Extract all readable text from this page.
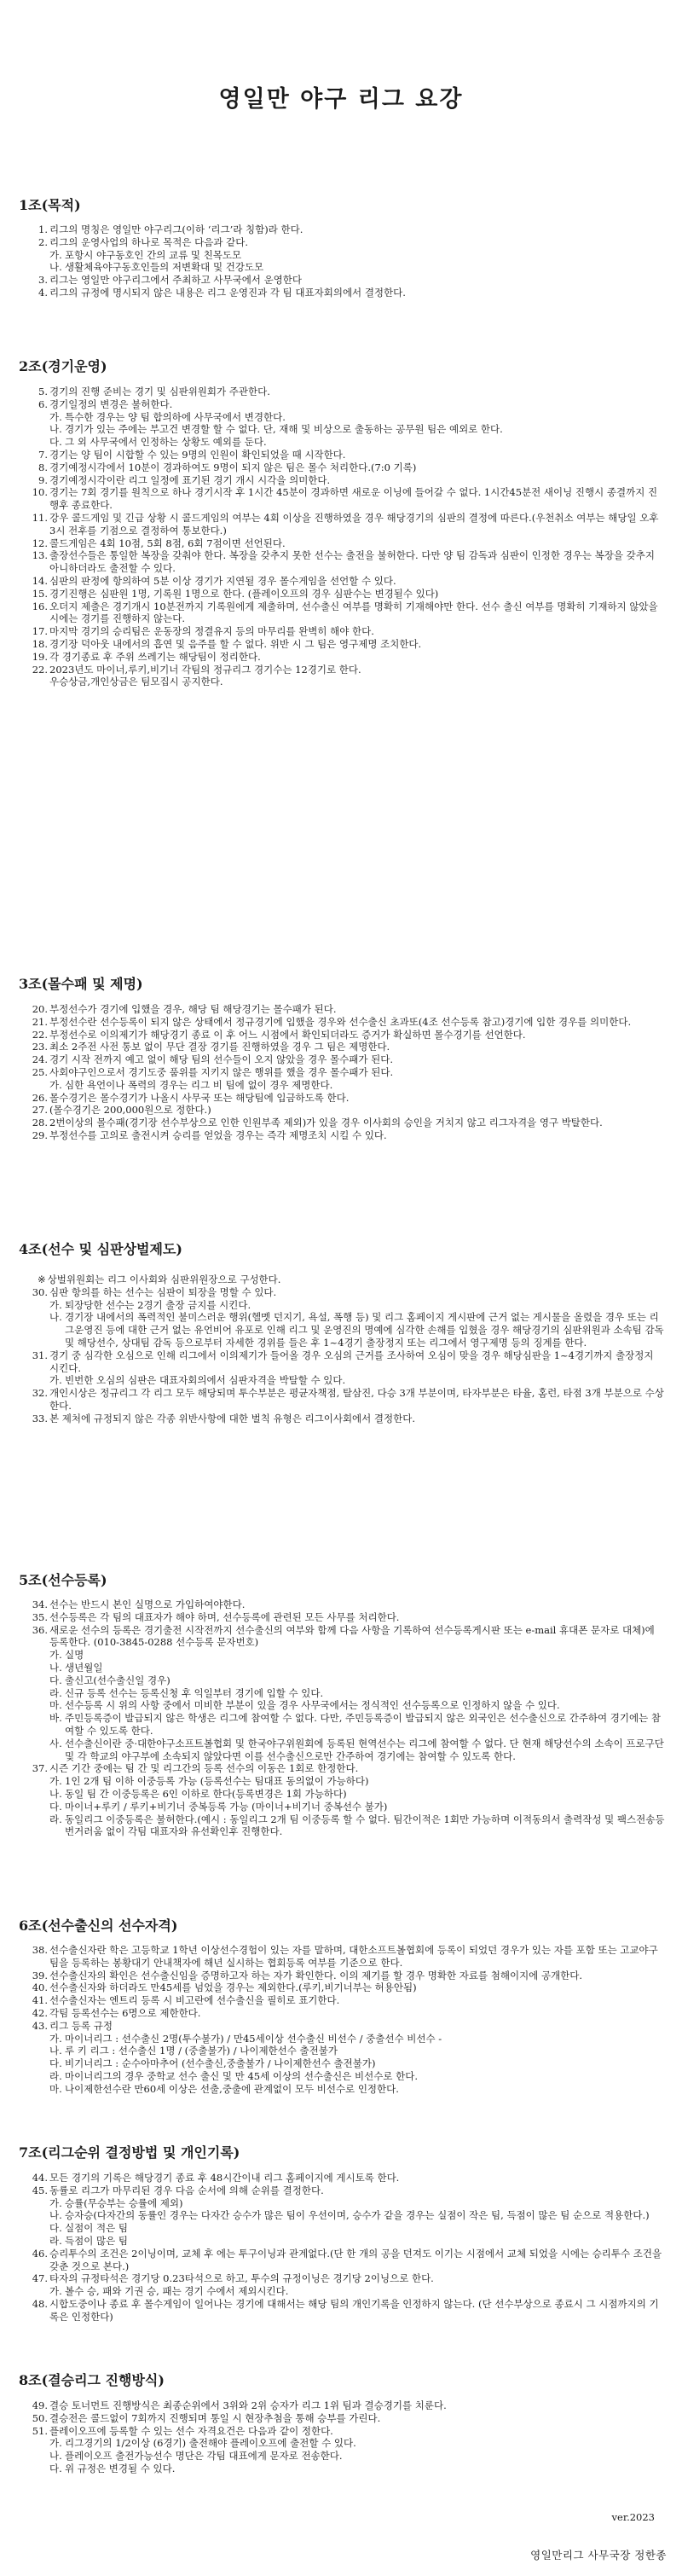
영일만 야구 리그 요강
1조(목적)
1 . 리그의 명칭은 영일만 야구리그(이하 ‘리그’라 칭함)라 한다.
2 . 리그의 운영사업의 하나로 목적은 다음과 같다.
가 . 포항시 야구동호인 간의 교류 및 친목도모
나 . 생활체육야구동호인들의 저변확대 및 건강도모
3 . 리그는 영일만 야구리그에서 주최하고 사무국에서 운영한다
4 . 리그의 규정에 명시되지 않은 내용은 리그 운영진과 각 팀 대표자회의에서 결정한다.
2조(경기운영)
5 . 경기의 진행 준비는 경기 및 심판위원회가 주관한다.
6 . 경기일정의 변경은 불허한다.
가 . 특수한 경우는 양 팀 합의하에 사무국에서 변경한다.
나 . 경기가 있는 주에는 부고건 변경할 할 수 없다. 단, 재해 및 비상으로 출동하는 공무원 팀은 예외로 한다.
다 . 그 외 사무국에서 인정하는 상황도 예외를 둔다.
7 . 경기는 양 팀이 시합할 수 있는 9명의 인원이 확인되었을 때 시작한다.
8 . 경기예정시각에서 10분이 경과하여도 9명이 되지 않은 팀은 몰수 처리한다.(7:0 기록)
9 . 경기예정시각이란 리그 일정에 표기된 경기 개시 시각을 의미한다.
10 . 경기는 7회 경기를 원칙으로 하나 경기시작 후 1시간 45분이 경과하면 새로운 이닝에 들어갈 수 없다. 1시간45분전 새이닝 진행시 종결까지 진행후 종료한다.
11 . 강우 콜드게임 및 긴급 상황 시 콜드게임의 여부는 4회 이상을 진행하였을 경우 해당경기의 심판의 결정에 따른다.(우천취소 여부는 해당일 오후 3시 전후를 기점으로 결정하여 통보한다.)
12 . 콜드게임은 4회 10점, 5회 8점, 6회 7점이면 선언된다.
13 . 출장선수들은 통일한 복장을 갖춰야 한다. 복장을 갖추지 못한 선수는 출전을 불허한다. 다만 양 팀 감독과 심판이 인정한 경우는 복장을 갖추지 아니하더라도 출전할 수 있다.
14 . 심판의 판정에 항의하여 5분 이상 경기가 지연될 경우 몰수게임을 선언할 수 있다.
15 . 경기진행은 심판원 1명, 기록원 1명으로 한다. (플레이오프의 경우 심판수는 변경될수 있다)
16 . 오더지 제출은 경기개시 10분전까지 기록원에게 제출하며, 선수출신 여부를 명확히 기재해야만 한다. 선수 출신 여부를 명확히 기재하지 않았을 시에는 경기를 진행하지 않는다.
17 . 마지막 경기의 승리팀은 운동장의 정결유지 등의 마무리를 완벽히 해야 한다.
18 . 경기장 덕아웃 내에서의 흡연 및 음주를 할 수 없다. 위반 시 그 팀은 영구제명 조치한다.
19 . 각 경기종료 후 주위 쓰레기는 해당팀이 정리한다.
22 . 2023년도 마이너,루키,비기너 각팀의 정규리그 경기수는 12경기로 한다.
우승상금,개인상금은 팀모집시 공지한다.
3조(몰수패 및 제명)
20 . 부정선수가 경기에 입했을 경우, 해당 팀 해당경기는 몰수패가 된다.
21 . 부정선수란 선수등록이 되지 않은 상태에서 정규경기에 입했을 경우와 선수출신 초과또(4조 선수등록 참고)경기에 입한 경우를 의미한다.
22 . 부정선수로 이의제기가 해당경기 종료 이 후 어느 시점에서 확인되더라도 증거가 확실하면 몰수경기를 선언한다.
23 . 최소 2주전 사전 통보 없이 무단 결장 경기를 진행하였을 경우 그 팀은 제명한다.
24 . 경기 시작 전까지 예고 없이 해당 팀의 선수들이 오지 않았을 경우 몰수패가 된다.
25 . 사회야구인으로서 경기도중 품위를 지키지 않은 행위를 했을 경우 몰수패가 된다.
가 . 심한 욕언이나 폭력의 경우는 리그 비 팀에 없이 경우 제명한다.
26 . 몰수경기은 몰수경기가 나올시 사무국 또는 해당팀에 입금하도록 한다.
27 . (몰수경기은 200,000원으로 정한다.)
28 . 2번이상의 몰수패(경기장 선수부상으로 인한 인원부족 제외)가 있을 경우 이사회의 승인을 거치지 않고 리그자격을 영구 박탈한다.
29 . 부정선수를 고의로 출전시켜 승리를 얻었을 경우는 즉각 제명조치 시킬 수 있다.
4조(선수 및 심판상벌제도)
※ 상벌위원회는 리그 이사회와 심판위원장으로 구성한다.
30 . 심판 항의를 하는 선수는 심판이 퇴장을 명할 수 있다.
가 . 퇴장당한 선수는 2경기 출장 금지를 시킨다.
나 . 경기장 내에서의 폭력적인 불미스러운 행위(헬멧 던지기, 욕설, 폭행 등) 및 리그 홈페이지 게시판에 근거 없는 게시물을 올렸을 경우 또는 리그운영진 등에 대한 근거 없는 유언비어 유포로 인해 리그 및 운영진의 명예에 심각한 손해를 입혔을 경우 해당경기의 심판위원과 소속팀 감독 및 해당선수, 상대팀 감독 등으로부터 자세한 경위를 들은 후 1~4경기 출장정지 또는 리그에서 영구제명 등의 징계를 한다.
31 . 경기 중 심각한 오심으로 인해 리그에서 이의제기가 들어올 경우 오심의 근거를 조사하여 오심이 맞을 경우 해당심판을 1~4경기까지 출장정지 시킨다.
가 . 빈번한 오심의 심판은 대표자회의에서 심판자격을 박탈할 수 있다.
32 . 개인시상은 정규리그 각 리그 모두 해당되며 투수부분은 평균자책점, 탈삼진, 다승 3개 부분이며, 타자부분은 타율, 홈런, 타점 3개 부분으로 수상한다.
33 . 본 제처에 규정되지 않은 각종 위반사항에 대한 벌칙 유형은 리그이사회에서 결정한다.
5조(선수등록)
34 . 선수는 반드시 본인 실명으로 가입하여야한다.
35 . 선수등록은 각 팀의 대표자가 해야 하며, 선수등록에 관련된 모든 사무를 처리한다.
36 . 새로운 선수의 등록은 경기출전 시작전까지 선수출신의 여부와 함께 다음 사항을 기록하여 선수등록게시판 또는 e-mail 휴대폰 문자로 대체)에 등록한다. (010-3845-0288 선수등록 문자번호)
가 . 실명
나 . 생년월일
다 . 출신고(선수출신일 경우)
라 . 신규 등록 선수는 등록신청 후 익일부터 경기에 입할 수 있다.
마 . 선수등록 시 위의 사항 중에서 미비한 부분이 있을 경우 사무국에서는 정식적인 선수등록으로 인정하지 않을 수 있다.
바 . 주민등록증이 발급되지 않은 학생은 리그에 참여할 수 없다. 다만, 주민등록증이 발급되지 않은 외국인은 선수출신으로 간주하여 경기에는 참여할 수 있도록 한다.
사 . 선수출신이란 중·대한야구소프트볼협회 및 한국야구위원회에 등록된 현역선수는 리그에 참여할 수 없다. 단 현재 해당선수의 소속이 프로구단 및 각 학교의 야구부에 소속되지 않았다면 이를 선수출신으로만 간주하여 경기에는 참여할 수 있도록 한다.
37 . 시즌 기간 중에는 팀 간 및 리그간의 등록 선수의 이동은 1회로 한정한다.
가 . 1인 2개 팀 이하 이중등록 가능 (등록선수는 팀대표 동의없이 가능하다)
나 . 동일 팀 간 이중등록은 6인 이하로 한다(등록변경은 1회 가능하다)
다 . 마이너+루키 / 루키+비기너 중복등록 가능 (마이너+비기너 중복선수 불가)
라 . 동일리그 이중등록은 불허한다.(예시 : 동일리그 2개 팀 이중등록 할 수 없다. 팀간이적은 1회만 가능하며 이적동의서 출력작성 및 팩스전송등 번거러움 없이 각팀 대표자와 유선확인후 진행한다.
6조(선수출신의 선수자격)
38 . 선수출신자란 학은 고등학교 1학년 이상선수경험이 있는 자를 말하며, 대한소프트볼협회에 등록이 되었던 경우가 있는 자를 포함 또는 고교야구팀을 등록하는 봉황대기 안내책자에 해년 실시하는 협회등록 여부를 기준으로 한다.
39 . 선수출신자의 확인은 선수출신임을 증명하고자 하는 자가 확인한다. 이의 제기를 할 경우 명확한 자료를 첨해이지에 공개한다.
40 . 선수출신자와 하더라도 만45세를 넘었을 경우는 제외한다.(루키,비기너부는 허용안됨)
41 . 선수출신자는 엔트리 등록 시 비고란에 선수출신을 필히로 표기한다.
42 . 각팀 등록선수는 6명으로 제한한다.
43 . 리그 등록 규정
가 . 마이너리그 : 선수출신 2명(투수불가) / 만45세이상 선수출신 비선수 / 중출선수 비선수 -
나 . 루 키 리그 : 선수출신 1명 / (중출불가) / 나이제한선수 출전불가
다 . 비기너리그 : 순수아마추어 (선수출신,중출불가 / 나이제한선수 출전불가)
라 . 마이너리그의 경우 중학교 선수 출신 및 만 45세 이상의 선수출신은 비선수로 한다.
마 . 나이제한선수란 만60세 이상은 선출,중출에 관계없이 모두 비선수로 인정한다.
7조(리그순위 결정방법 및 개인기록)
44 . 모든 경기의 기록은 해당경기 종료 후 48시간이내 리그 홈페이지에 게시토록 한다.
45 . 동률로 리그가 마무리된 경우 다음 순서에 의해 순위를 결정한다.
가 . 승률(무승부는 승률에 제외)
나 . 승자승(다자간의 동률인 경우는 다자간 승수가 많은 팀이 우선이며, 승수가 같을 경우는 실점이 작은 팀, 득점이 많은 팀 순으로 적용한다.)
다 . 실점이 적은 팀
라 . 득점이 많은 팀
46 . 승리투수의 조건은 2이닝이며, 교체 후 에는 투구이닝과 관계없다.(단 한 개의 공을 던져도 이기는 시점에서 교체 되었을 시에는 승리투수 조건을 갖춘 것으로 본다.)
47 . 타자의 규정타석은 경기당 0.23타석으로 하고, 투수의 규정이닝은 경기당 2이닝으로 한다.
가 . 볼수 승, 패와 기권 승, 패는 경기 수에서 제외시킨다.
48 . 시합도중이나 종료 후 몰수게임이 일어나는 경기에 대해서는 해당 팀의 개인기록을 인정하지 않는다. (단 선수부상으로 종료시 그 시점까지의 기록은 인정한다)
8조(결승리그 진행방식)
49 . 결승 토너먼트 진행방식은 최종순위에서 3위와 2위 승자가 리그 1위 팀과 결승경기를 치룬다.
50 . 결승전은 콜드없이 7회까지 진행되며 통일 시 현장추첨을 통해 승부를 가린다.
51 . 플레이오프에 등록할 수 있는 선수 자격요건은 다음과 같이 정한다.
가 . 리그경기의 1/2이상 (6경기) 출전해야 플레이오프에 출전할 수 있다.
나 . 플레이오프 출전가능선수 명단은 각팀 대표에게 문자로 전송한다.
다 . 위 규정은 변경될 수 있다.
ver.2023
영일만리그 사무국장 정한종
